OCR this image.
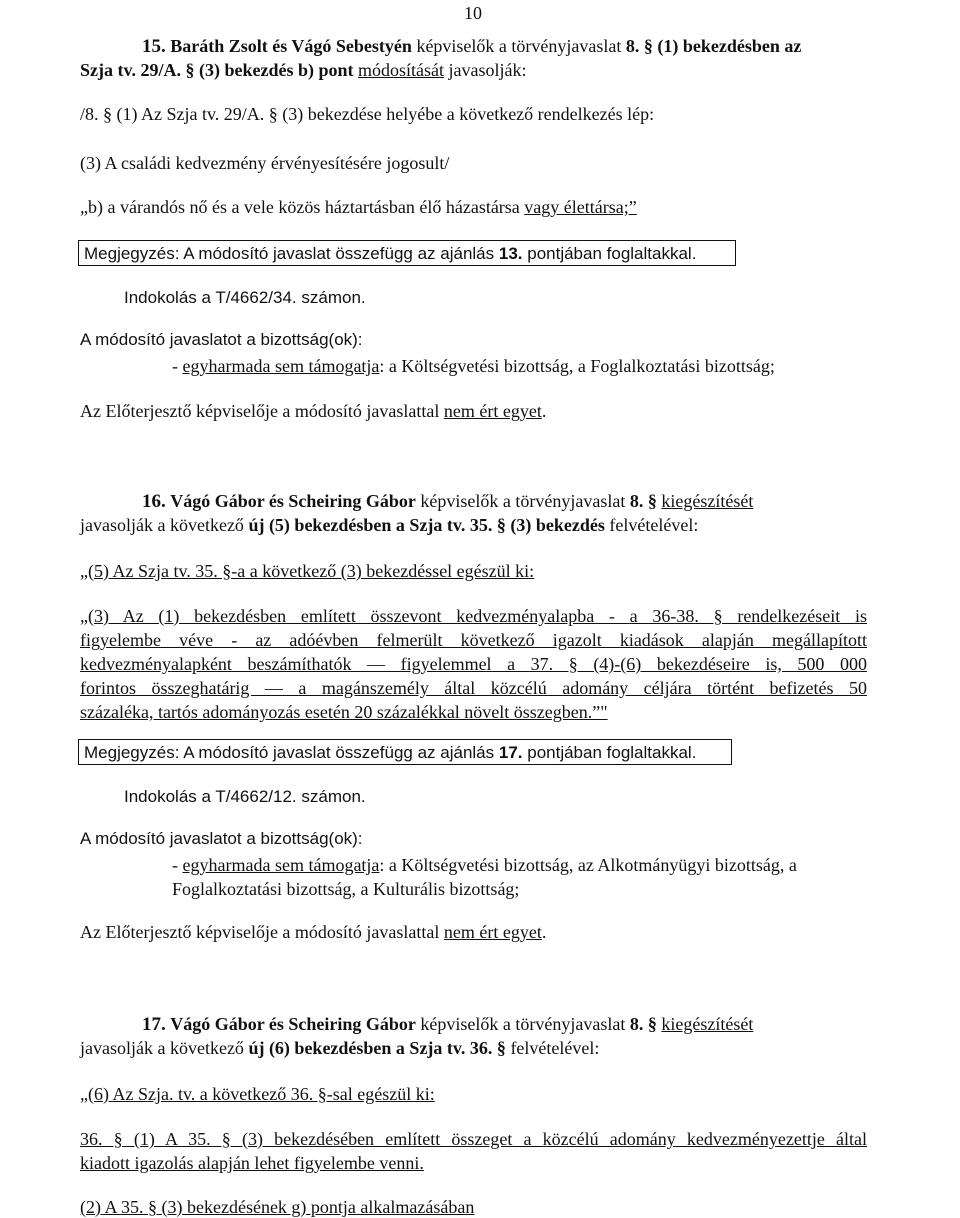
10
15. Baráth Zsolt és Vágó Sebestyén képviselők a törvényjavaslat 8. § (1) bekezdésben az
Szja tv. 29/A. § (3) bekezdés b) pont módosítását javasolják:
/8. § (1) Az Szja tv. 29/A. § (3) bekezdése helyébe a következő rendelkezés lép:
(3) A családi kedvezmény érvényesítésére jogosult/
„b) a várandós nő és a vele közös háztartásban élő házastársa vagy élettársa;”
Megjegyzés: A módosító javaslat összefügg az ajánlás 13. pontjában foglaltakkal.
Indokolás a T/4662/34. számon.
A módosító javaslatot a bizottság(ok):
- egyharmada sem támogatja: a Költségvetési bizottság, a Foglalkoztatási bizottság;
Az Előterjesztő képviselője a módosító javaslattal nem ért egyet.
16. Vágó Gábor és Scheiring Gábor képviselők a törvényjavaslat 8. § kiegészítését
javasolják a következő új (5) bekezdésben a Szja tv. 35. § (3) bekezdés felvételével:
„(5) Az Szja tv. 35. §-a a következő (3) bekezdéssel egészül ki:
„(3) Az (1) bekezdésben említett összevont kedvezményalapba - a 36-38. § rendelkezéseit is
figyelembe véve - az adóévben felmerült következő igazolt kiadások alapján megállapított
kedvezményalapként beszámíthatók — figyelemmel a 37. § (4)-(6) bekezdéseire is, 500 000
forintos összeghatárig — a magánszemély által közcélú adomány céljára történt befizetés 50
százaléka, tartós adományozás esetén 20 százalékkal növelt összegben.”"
Megjegyzés: A módosító javaslat összefügg az ajánlás 17. pontjában foglaltakkal.
Indokolás a T/4662/12. számon.
A módosító javaslatot a bizottság(ok):
- egyharmada sem támogatja: a Költségvetési bizottság, az Alkotmányügyi bizottság, a
Foglalkoztatási bizottság, a Kulturális bizottság;
Az Előterjesztő képviselője a módosító javaslattal nem ért egyet.
17. Vágó Gábor és Scheiring Gábor képviselők a törvényjavaslat 8. § kiegészítését
javasolják a következő új (6) bekezdésben a Szja tv. 36. § felvételével:
„(6) Az Szja. tv. a következő 36. §-sal egészül ki:
36. § (1) A 35. § (3) bekezdésében említett összeget a közcélú adomány kedvezményezettje által
kiadott igazolás alapján lehet figyelembe venni.
(2) A 35. § (3) bekezdésének g) pontja alkalmazásában
